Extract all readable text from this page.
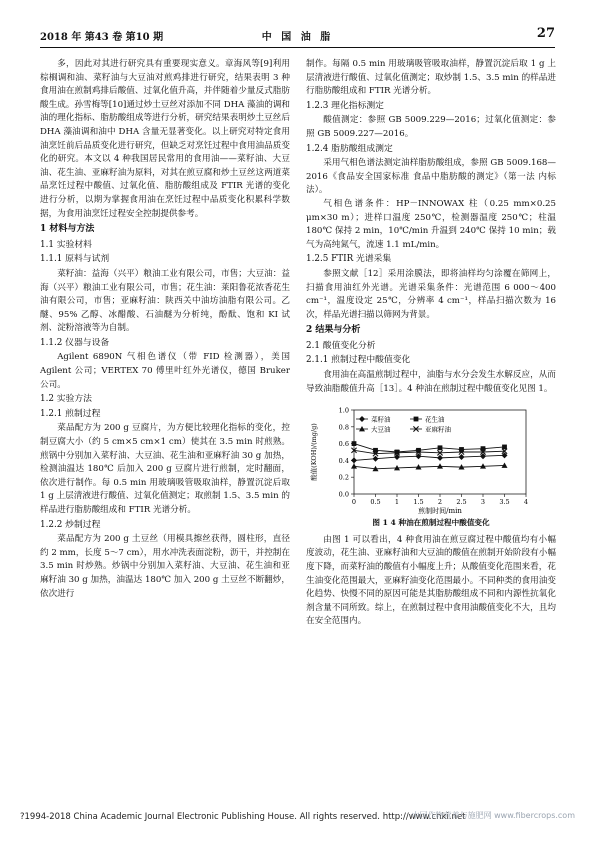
2018 年 第43 卷 第10 期	中 国 油 脂	27

多，因此对其进行研究具有重要现实意义。章海风等[9]利用棕榈调和油、菜籽油与大豆油对煎鸡排进行研究，结果表明 3 种食用油在煎制鸡排后酸值、过氧化值升高，并伴随着少量反式脂肪酸生成。孙雪梅等[10]通过炒土豆丝对添加不同 DHA 藻油的调和油的理化指标、脂肪酸组成等进行分析，研究结果表明炒土豆丝后 DHA 藻油调和油中 DHA 含量无显著变化。以上研究对特定食用油烹饪前后品质变化进行研究，但缺乏对烹饪过程中食用油品质变化的研究。本文以 4 种我国居民常用的食用油——菜籽油、大豆油、花生油、亚麻籽油为原料，对其在煎豆腐和炒土豆丝这两道菜品烹饪过程中酸值、过氧化值、脂肪酸组成及 FTIR 光谱的变化进行分析，以期为掌握食用油在烹饪过程中品质变化积累科学数据，为食用油烹饪过程安全控制提供参考。

1 材料与方法
1.1 实验材料
1.1.1 原料与试剂

菜籽油：益海（兴平）粮油工业有限公司，市售；大豆油：益海（兴平）粮油工业有限公司，市售；花生油：莱阳鲁花浓香花生油有限公司，市售；亚麻籽油：陕西关中油坊油脂有限公司。乙醚、95% 乙醇、冰醋酸、石油醚为分析纯，酚酞、饱和 KI 试剂、淀粉溶液等为自制。

1.1.2 仪器与设备

Agilent 6890N 气相色谱仪（带 FID 检测器），美国 Agilent 公司；VERTEX 70 傅里叶红外光谱仪，德国 Bruker 公司。

1.2 实验方法
1.2.1 煎制过程

菜品配方为 200 g 豆腐片，为方便比较理化指标的变化，控制豆腐大小（约 5 cm×5 cm×1 cm）使其在 3.5 min 时煎熟。煎锅中分别加入菜籽油、大豆油、花生油和亚麻籽油 30 g 加热，检测油温达 180℃ 后加入 200 g 豆腐片进行煎制，定时翻面，依次进行制作。每 0.5 min 用玻璃吸管吸取油样，静置沉淀后取 1 g 上层清液进行酸值、过氧化值测定；取煎制 1.5、3.5 min 的样品进行脂肪酸组成和 FTIR 光谱分析。

1.2.2 炒制过程

菜品配方为 200 g 土豆丝（用模具擦丝获得，圆柱形，直径约 2 mm，长度 5～7 cm），用水冲洗表面淀粉，沥干，并控制在 3.5 min 时炒熟。炒锅中分别加入菜籽油、大豆油、花生油和亚麻籽油 30 g 加热，油温达 180℃ 加入 200 g 土豆丝不断翻炒，依次进行

制作。每隔 0.5 min 用玻璃吸管吸取油样，静置沉淀后取 1 g 上层清液进行酸值、过氧化值测定；取炒制 1.5、3.5 min 的样品进行脂肪酸组成和 FTIR 光谱分析。

1.2.3 理化指标测定

酸值测定：参照 GB 5009.229—2016；过氧化值测定：参照 GB 5009.227—2016。

1.2.4 脂肪酸组成测定

采用气相色谱法测定油样脂肪酸组成，参照 GB 5009.168—2016《食品安全国家标准 食品中脂肪酸的测定》（第一法 内标法）。

气相色谱条件：HP－INNOWAX 柱（0.25 mm×0.25 μm×30 m）；进样口温度 250℃，检测器温度 250℃；柱温 180℃ 保持 2 min，10℃/min 升温到 240℃ 保持 10 min；载气为高纯氮气，流速 1.1 mL/min。

1.2.5 FTIR 光谱采集

参照文献［12］采用涂膜法，即将油样均匀涂覆在筛网上，扫描食用油红外光谱。光谱采集条件：光谱范围 6 000～400 cm⁻¹，温度设定 25℃，分辨率 4 cm⁻¹，样品扫描次数为 16 次，样品光谱扫描以筛网为背景。

2 结果与分析
2.1 酸值变化分析
2.1.1 煎制过程中酸值变化

食用油在高温煎制过程中，油脂与水分会发生水解反应，从而导致油脂酸值升高［13］。4 种油在煎制过程中酸值变化见图 1。

0.0
0.2
0.4
0.6
0.8
1.0
0 0.5 1 1.5 2 2.5 3 3.5 4
煎制时间/min
酸值(KOH)/(mg/g)
菜籽油	花生油
大豆油	亚麻籽油
图 1 4 种油在煎制过程中酸值变化

由图 1 可以看出，4 种食用油在煎豆腐过程中酸值均有小幅度波动，花生油、亚麻籽油和大豆油的酸值在煎制开始阶段有小幅度下降，而菜籽油的酸值有小幅度上升；从酸值变化范围来看，花生油变化范围最大，亚麻籽油变化范围最小。不同种类的食用油变化趋势、快慢不同的原因可能是其脂肪酸组成不同和内源性抗氧化剂含量不同所致。综上，在煎制过程中食用油酸值变化不大，且均在安全范围内。

?1994-2018 China Academic Journal Electronic Publishing House. All rights reserved. http://www.cnki.net
中国作物营养与施肥网 www.fibercrops.com
